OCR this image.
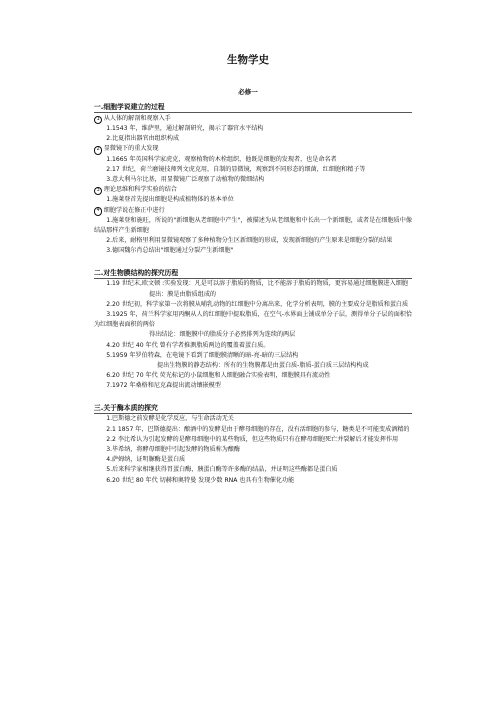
生物学史
必修一
一.细胞学说建立的过程

1 从人体的解剖和观察入手

1.1543 年，维萨里，通过解剖研究，揭示了器官水平结构

2.比夏指出器官由组织构成

2 显微镜下的重大发现

1.1665 年英国科学家虎克，观察植物的木栓组织，他既是细胞的发现者，也是命名者

2.17 世纪，荷兰磨镜技师列文虎克用，自制的显微镜，观察到不同形态的细菌，红细胞和精子等

3.意大利马尔比基，用显微镜广泛观察了动植物的微细结构

3 理论思维和科学实验的结合

1.施莱登首先提出细胞是构成植物体的基本单位

4 细胞学说在修正中进行

1.施莱登和施旺，所说的"新细胞从老细胞中产生"，被描述为从老细胞和中长出一个新细胞，或者是在细胞质中像结晶那样产生新细胞

2.后来，耐格里利用显微镜观察了多种植物分生区新细胞的形成，发现新细胞的产生原来是细胞分裂的结果

3.德国魏尔肖总结出"细胞通过分裂产生新细胞"

二.对生物膜结构的探究历程

1.19 世纪末,欧文顿 :实验发现：凡是可以溶于脂质的物质，比不能溶于脂质的物质，更容易通过细胞膜进入细胞

提出：膜是由脂质组成的

2.20 世纪初，科学家第一次将膜从哺乳动物的红细胞中分离出来，化学分析表明，膜的主要成分是脂质和蛋白质

3.1925 年，荷兰科学家用丙酮从人的红细胞中提取脂质，在空气-水界面上铺成单分子层，测得单分子层的面积恰为红细胞表面积的两倍

得出结论：细胞膜中的脂质分子必然排列为连续的两层

4.20 世纪 40 年代 曾有学者推测脂质两边的覆盖着蛋白质。

5.1959 年罗伯特森，在电镜下看到了细胞膜清晰的暗-亮-暗的三层结构

提出生物膜的静态结构：所有的生物膜都是由蛋白质-脂质-蛋白质三层结构构成

6.20 世纪 70 年代 荧光标记的小鼠细胞和人细胞融合实验表明，细胞膜具有流动性

7.1972 年桑格和尼克森提出流动镶嵌模型

三.关于酶本质的探究

1.巴斯德之前发酵是化学反应，与生命活动无关

2.1 1857 年，巴斯德提出：酿酒中的发酵是由于酵母细胞的存在，没有活细胞的参与，糖类是不可能变成酒精的

2.2 李比希认为引起发酵的是酵母细胞中的某些物质，但这些物质只有在酵母细胞死亡并裂解后才能发挥作用

3.毕希纳，将酵母细胞中引起发酵的物质称为酿酶

4.萨姆纳，证明脲酶是蛋白质

5.后来科学家相继获得胃蛋白酶，胰蛋白酶等许多酶的结晶，并证明这些酶都是蛋白质

6.20 世纪 80 年代 切赫和奥特曼 发现少数 RNA 也具有生物催化功能
